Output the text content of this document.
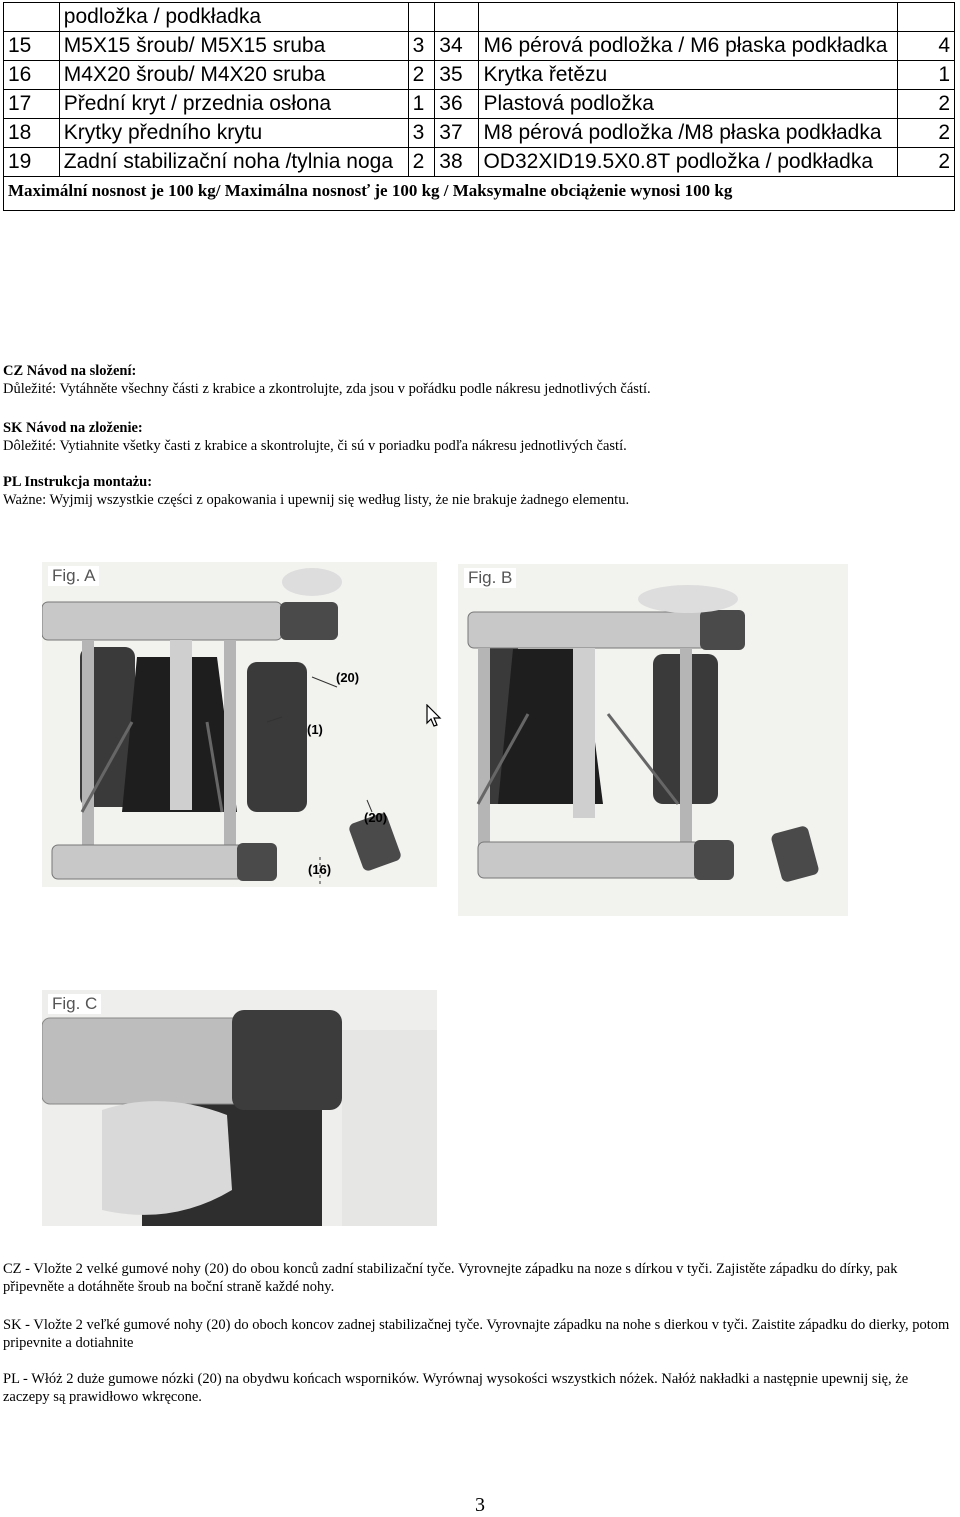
	podložka / podkładka				
15	M5X15 šroub/ M5X15 sruba	3	34	M6 pérová podložka / M6 płaska podkładka	4
16	M4X20 šroub/ M4X20 sruba	2	35	Krytka řetězu	1
17	Přední kryt / przednia osłona	1	36	Plastová podložka	2
18	Krytky předního krytu	3	37	M8 pérová podložka /M8 płaska podkładka	2
19	Zadní stabilizační noha /tylnia noga	2	38	OD32XID19.5X0.8T podložka / podkładka	2
Maximální nosnost je 100 kg/ Maximálna nosnosť je 100 kg / Maksymalne obciążenie wynosi 100 kg					
CZ Návod na složení:
Důležité: Vytáhněte všechny části z krabice a zkontrolujte, zda jsou v pořádku podle nákresu jednotlivých částí.
SK Návod na zloženie:
Dôležité: Vytiahnite všetky časti z krabice a skontrolujte, či sú v poriadku podľa nákresu jednotlivých častí.
PL Instrukcja montażu:
Ważne: Wyjmij wszystkie części z opakowania i upewnij się według listy, że nie brakuje żadnego elementu.
Fig. A
(20)
(1)
(20)
(16)
Fig. B
Fig. C
CZ - Vložte 2 velké gumové nohy (20) do obou konců zadní stabilizační tyče. Vyrovnejte západku na noze s dírkou v tyči. Zajistěte západku do dírky, pak připevněte a dotáhněte šroub na boční straně každé nohy.
SK - Vložte 2 veľké gumové nohy (20) do oboch koncov zadnej stabilizačnej tyče. Vyrovnajte západku na nohe s dierkou v tyči. Zaistite západku do dierky, potom pripevnite a dotiahnite
PL - Włóż 2 duże gumowe nózki (20) na obydwu końcach wsporników. Wyrównaj wysokości wszystkich nóżek. Nałóż nakładki a następnie upewnij się, że zaczepy są prawidłowo wkręcone.
3
